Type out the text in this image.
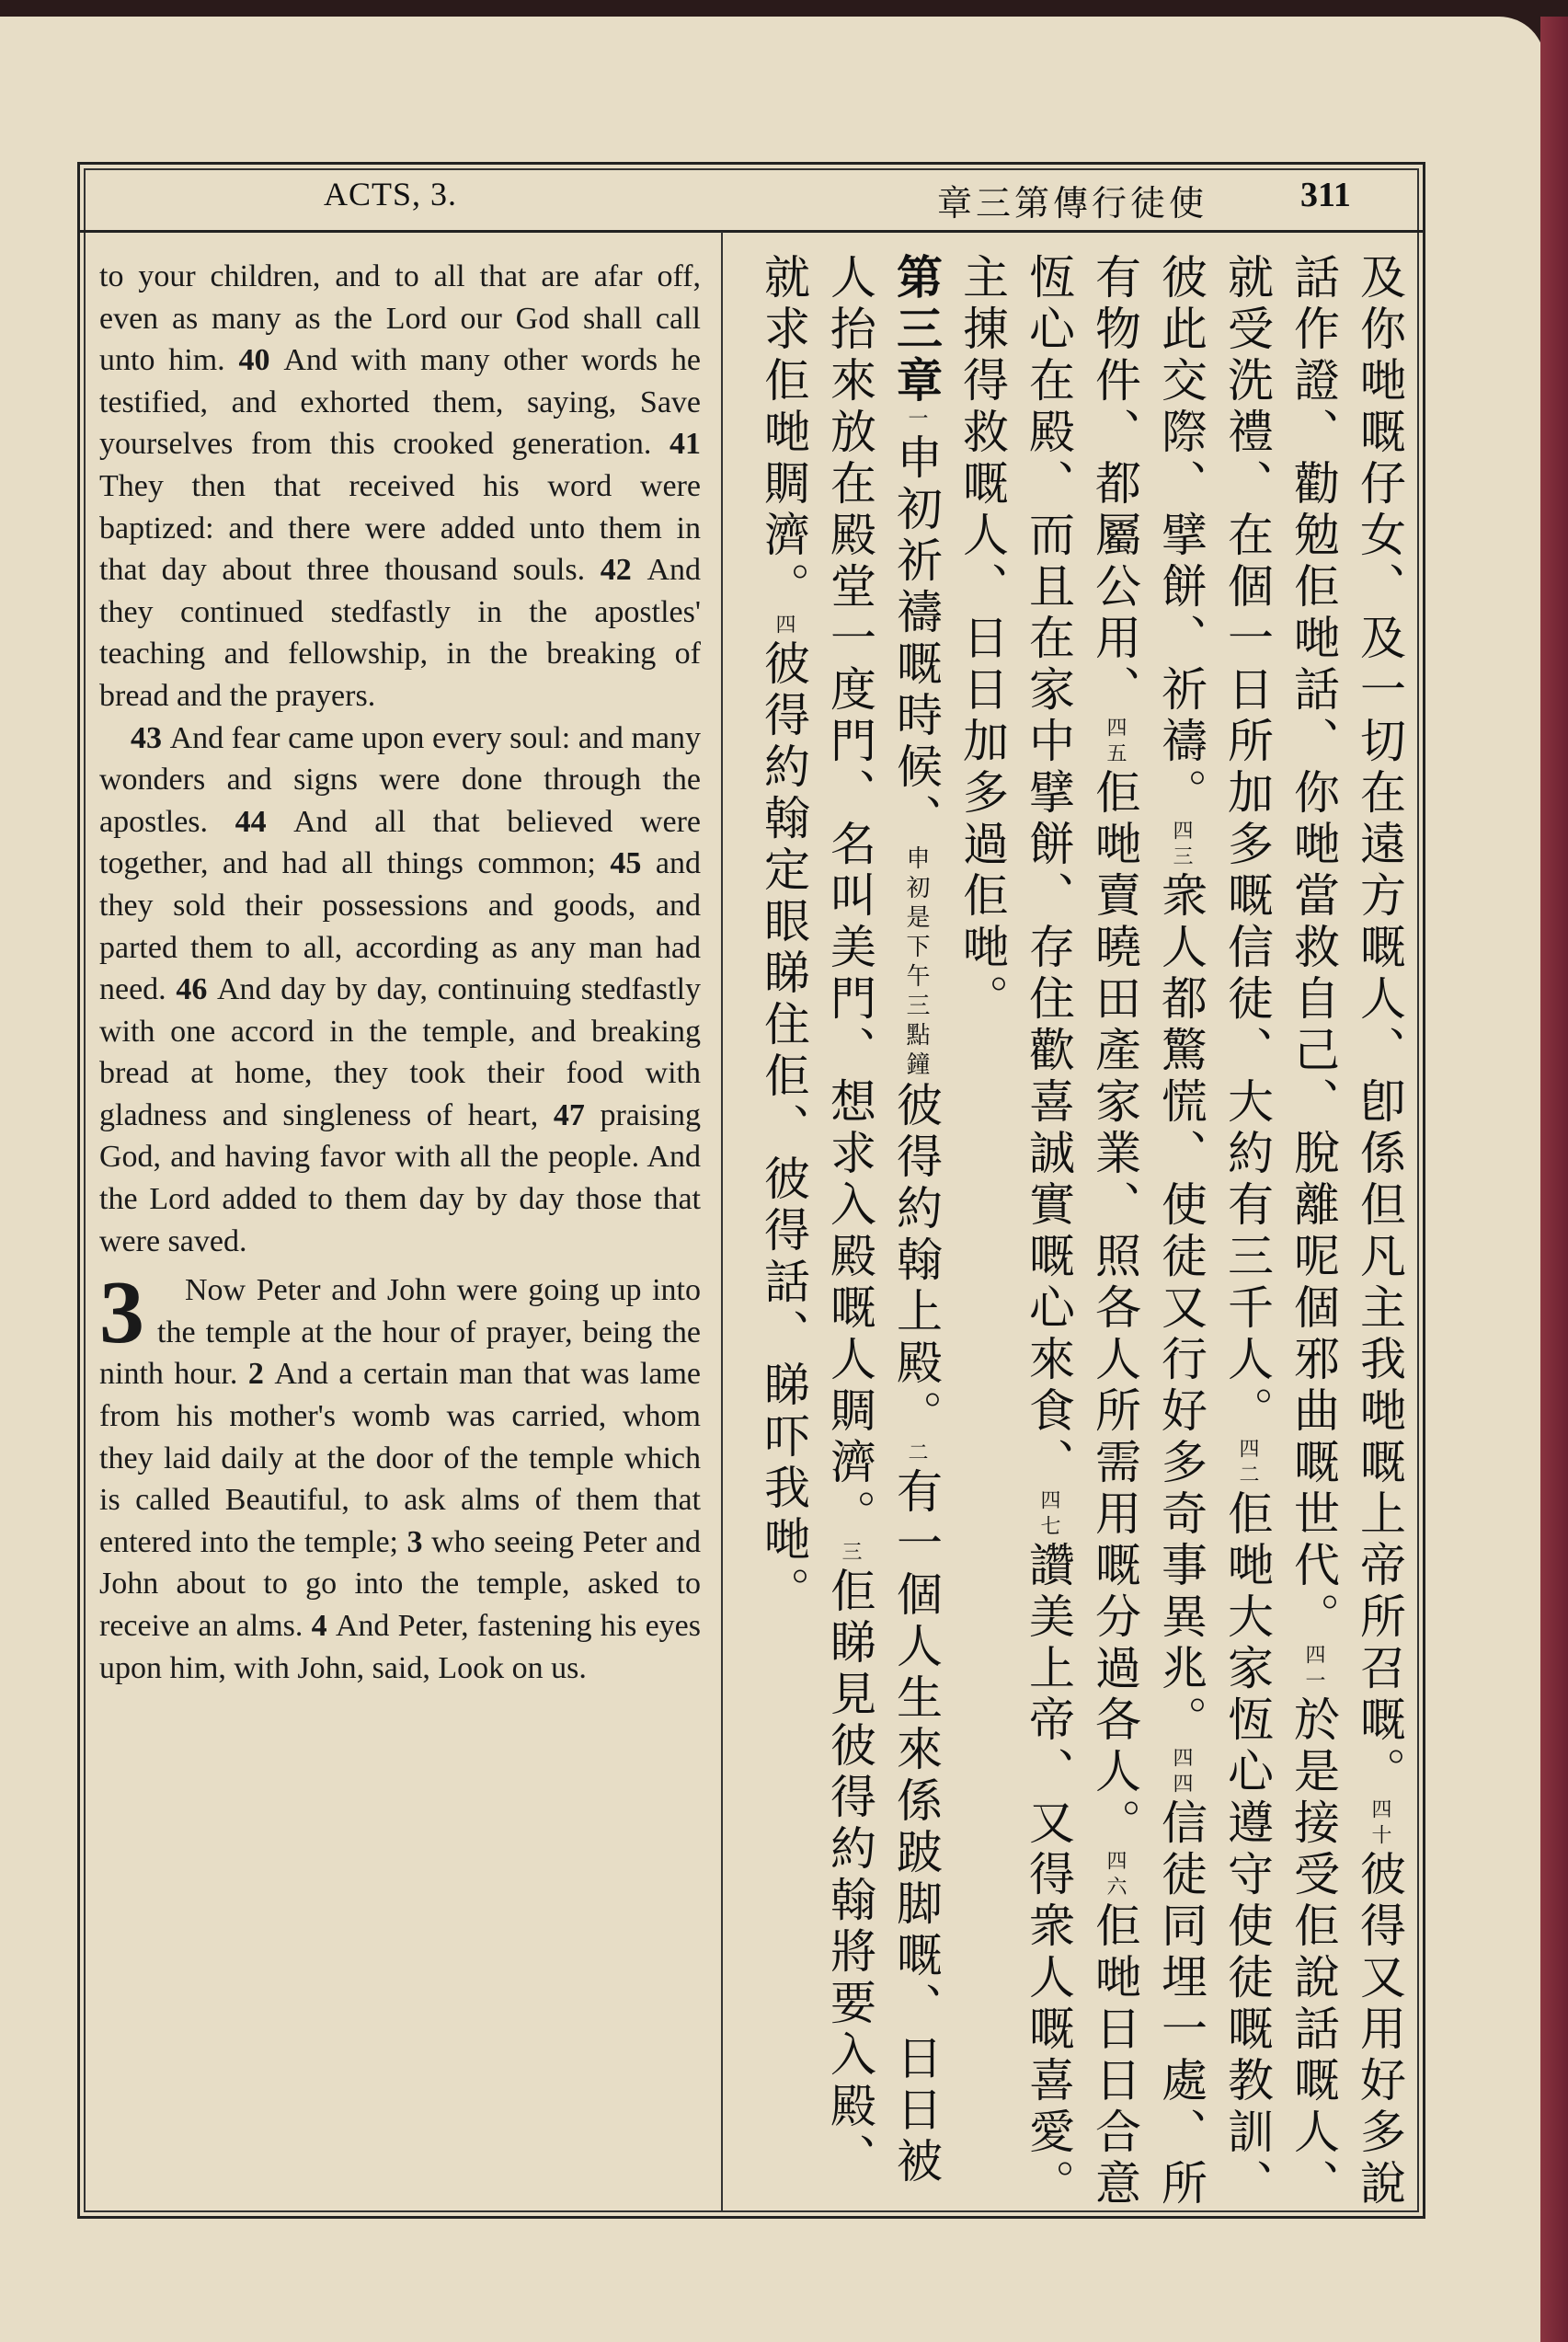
ACTS, 3.	章三第傳行徒使	311

to your children, and to all that are afar off, even as many as the Lord our God shall call unto him. 40 And with many other words he testified, and exhorted them, saying, Save yourselves from this crooked generation. 41 They then that received his word were baptized: and there were added unto them in that day about three thousand souls. 42 And they continued stedfastly in the apostles' teaching and fellowship, in the breaking of bread and the prayers.

43 And fear came upon every soul: and many wonders and signs were done through the apostles. 44 And all that believed were together, and had all things common; 45 and they sold their possessions and goods, and parted them to all, according as any man had need. 46 And day by day, continuing stedfastly with one accord in the temple, and breaking bread at home, they took their food with gladness and singleness of heart, 47 praising God, and having favor with all the people. And the Lord added to them day by day those that were saved.

3 Now Peter and John were going up into the temple at the hour of prayer, being the ninth hour. 2 And a certain man that was lame from his mother's womb was carried, whom they laid daily at the door of the temple which is called Beautiful, to ask alms of them that entered into the temple; 3 who seeing Peter and John about to go into the temple, asked to receive an alms. 4 And Peter, fastening his eyes upon him, with John, said, Look on us.	及你哋嘅仔女、及一切在遠方嘅人、卽係但凡主我哋嘅上帝所召嘅。四十彼得又用好多說話作證、勸勉佢哋話、你哋當救自己、脫離呢個邪曲嘅世代。四一於是接受佢說話嘅人、就受洗禮、在個一日所加多嘅信徒、大約有三千人。四二佢哋大家恆心遵守使徒嘅教訓、彼此交際、擘餅、祈禱。四三衆人都驚慌、使徒又行好多奇事異兆。四四信徒同埋一處、所有物件、都屬公用、四五佢哋賣曉田產家業、照各人所需用嘅分過各人。四六佢哋日日合意恆心在殿、而且在家中擘餅、存住歡喜誠實嘅心來食、四七讚美上帝、又得衆人嘅喜愛。主㨂得救嘅人、日日加多過佢哋。

第三章一申初祈禱嘅時候、申初是下午三點鐘彼得約翰上殿。二有一個人生來係跛脚嘅、日日被人抬來放在殿堂一度門、名叫美門、想求入殿嘅人賙濟。三佢睇見彼得約翰將要入殿、就求佢哋賙濟。四彼得約翰定眼睇住佢、彼得話、睇吓我哋。
